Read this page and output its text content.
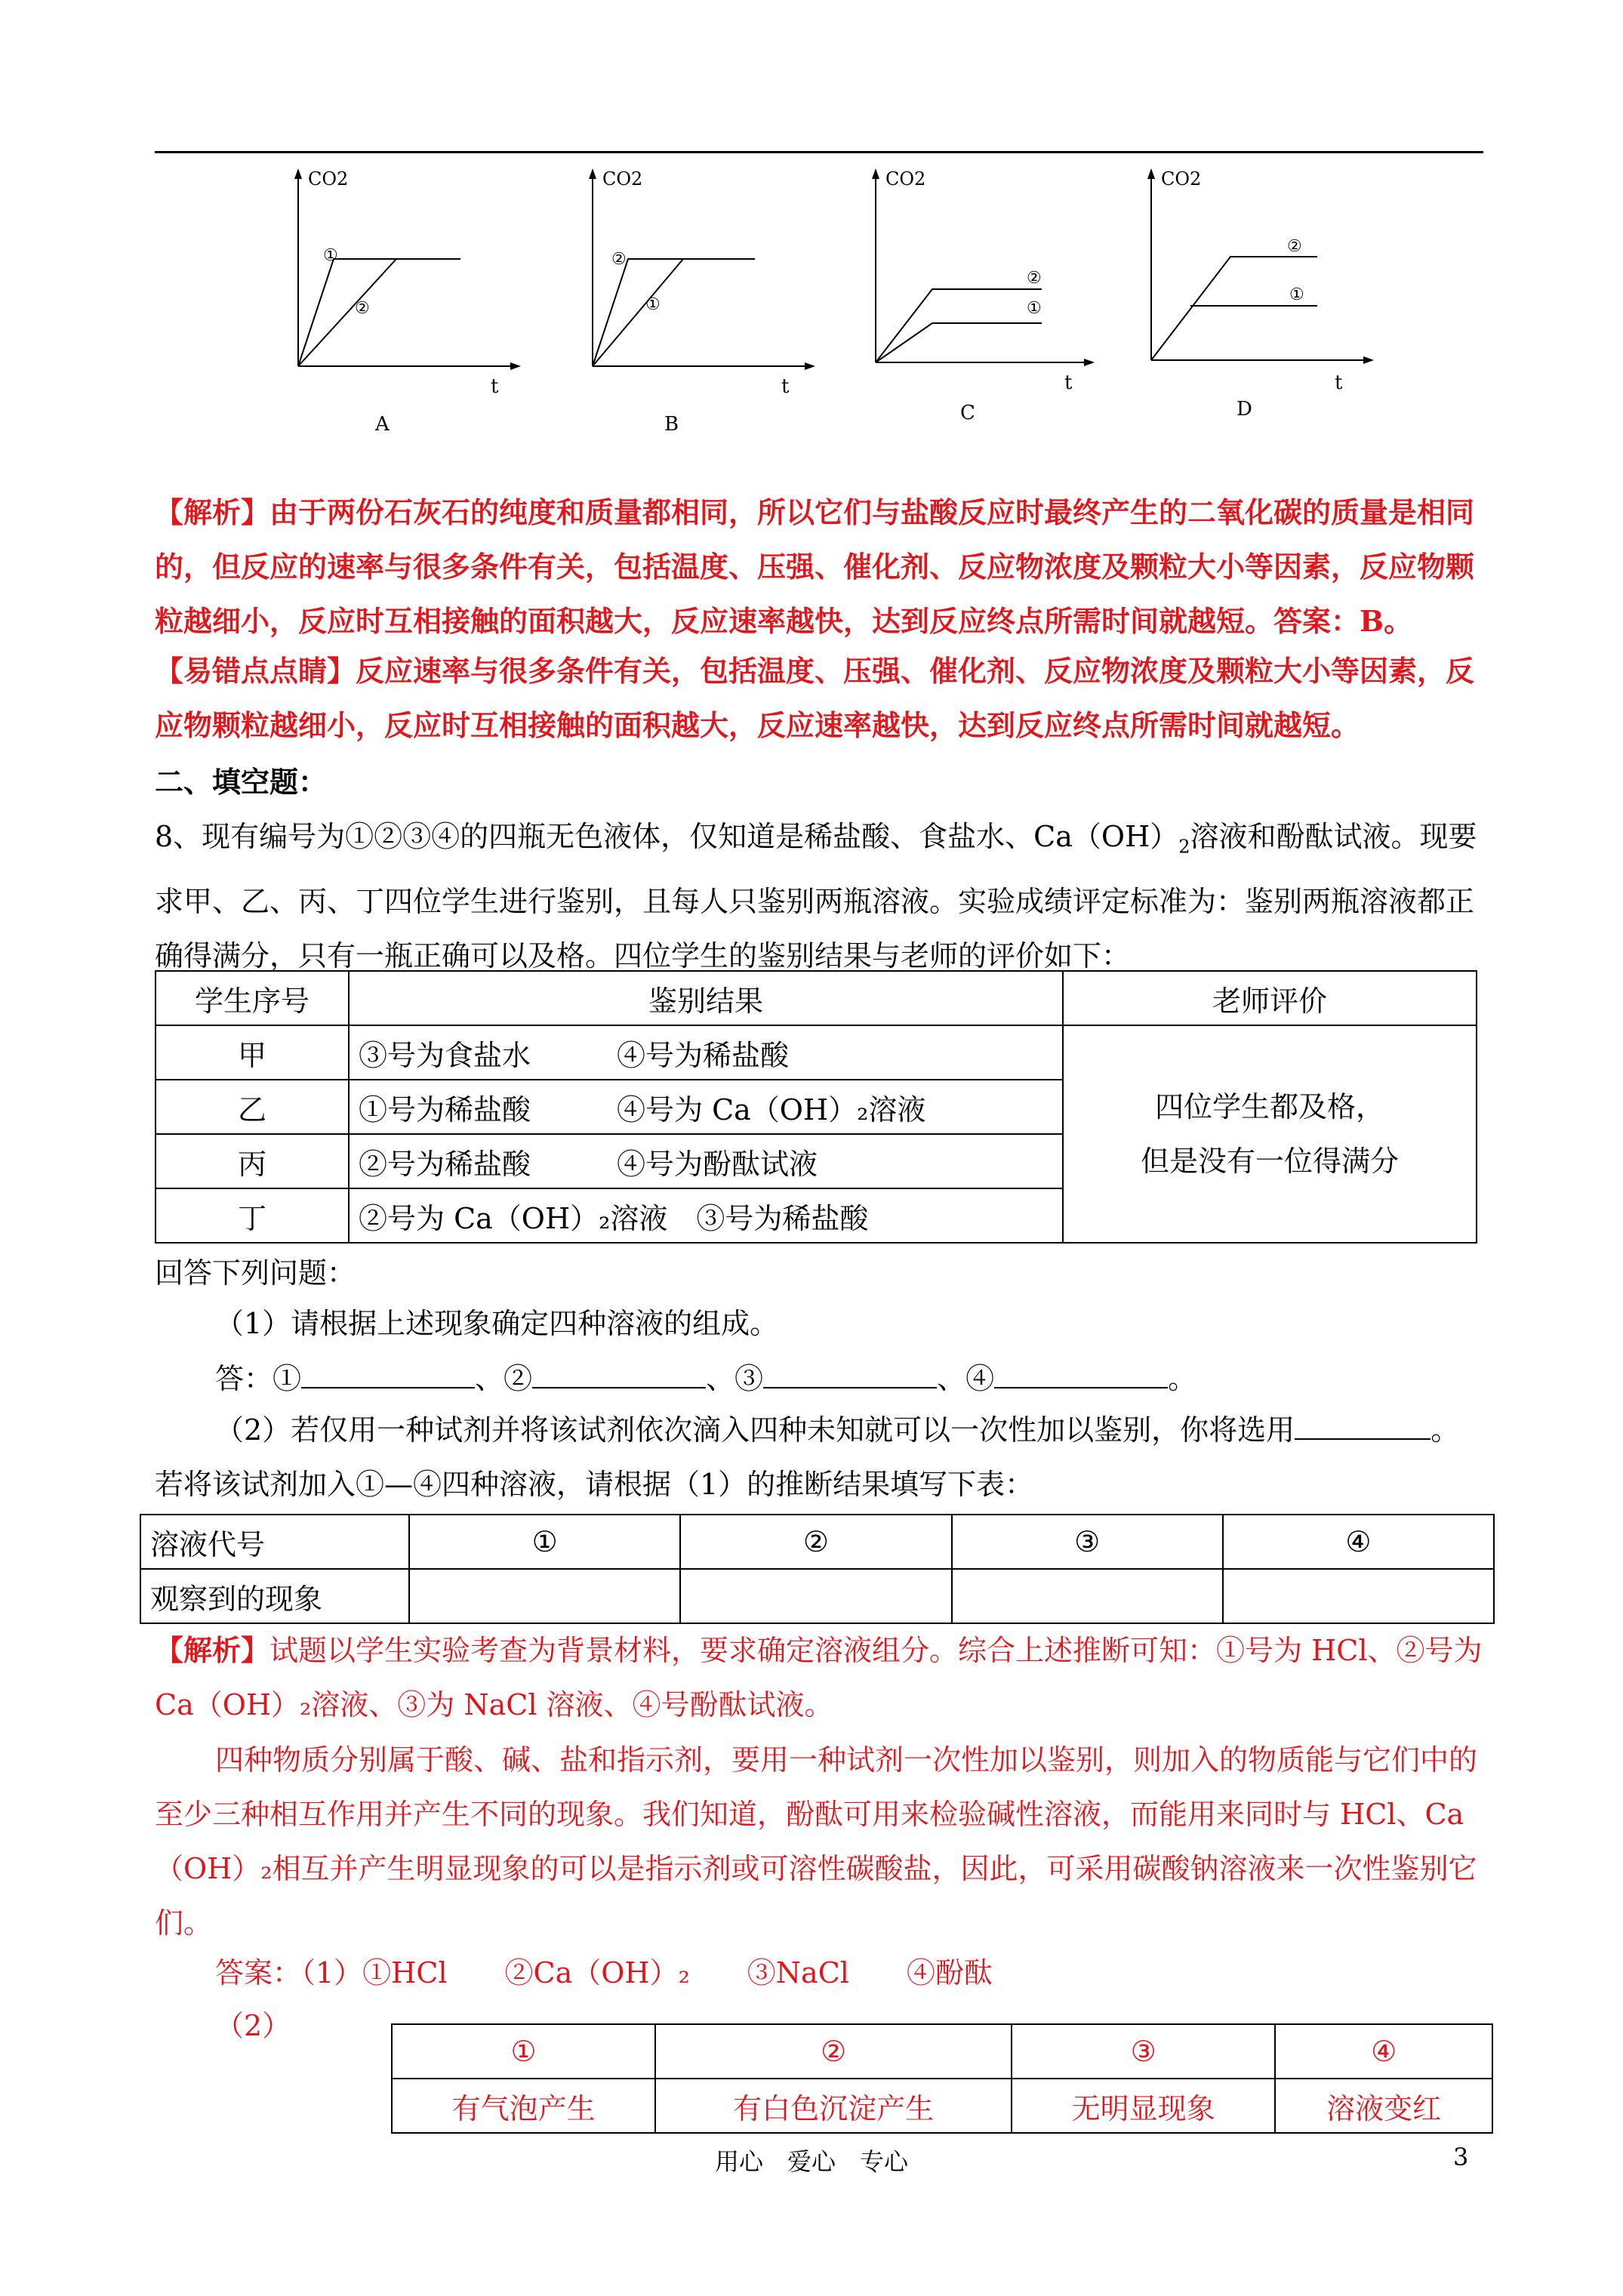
CO2
t
①
②
A
CO2
t
②
①
B
CO2
t
②
①
C
CO2
t
②
①
D
【解析】由于两份石灰石的纯度和质量都相同，所以它们与盐酸反应时最终产生的二氧化碳的质量是相同的，但反应的速率与很多条件有关，包括温度、压强、催化剂、反应物浓度及颗粒大小等因素，反应物颗粒越细小，反应时互相接触的面积越大，反应速率越快，达到反应终点所需时间就越短。答案：B。
【易错点点睛】反应速率与很多条件有关，包括温度、压强、催化剂、反应物浓度及颗粒大小等因素，反应物颗粒越细小，反应时互相接触的面积越大，反应速率越快，达到反应终点所需时间就越短。
二、填空题：
8、现有编号为①②③④的四瓶无色液体，仅知道是稀盐酸、食盐水、$Ca(OH)_2$溶液和酚酞试液。现要求甲、乙、丙、丁四位学生进行鉴别，且每人只鉴别两瓶溶液。实验成绩评定标准为：鉴别两瓶溶液都正确得满分，只有一瓶正确可以及格。四位学生的鉴别结果与老师的评价如下：
学生序号	鉴别结果	老师评价
甲	③号为食盐水　　　④号为稀盐酸	四位学生都及格，
但是没有一位得满分

乙	①号为稀盐酸　　　④号为 Ca（OH）₂溶液	
丙	②号为稀盐酸　　　④号为酚酞试液	
丁	②号为 Ca（OH）₂溶液　③号为稀盐酸	
回答下列问题：
（1）请根据上述现象确定四种溶液的组成。
答：①	、②	、③	、④	。
（2）若仅用一种试剂并将该试剂依次滴入四种未知就可以一次性加以鉴别，你将选用	。
若将该试剂加入①—④四种溶液，请根据（1）的推断结果填写下表：
溶液代号	①	②	③	④
观察到的现象				
【解析】试题以学生实验考查为背景材料，要求确定溶液组分。综合上述推断可知：①号为 HCl、②号为 Ca（OH）₂溶液、③为 NaCl 溶液、④号酚酞试液。
四种物质分别属于酸、碱、盐和指示剂，要用一种试剂一次性加以鉴别，则加入的物质能与它们中的至少三种相互作用并产生不同的现象。我们知道，酚酞可用来检验碱性溶液，而能用来同时与 HCl、Ca（OH）₂相互并产生明显现象的可以是指示剂或可溶性碳酸盐，因此，可采用碳酸钠溶液来一次性鉴别它们。
答案：（1）①HCl　　②Ca（OH）₂　　③NaCl　　④酚酞
（2）
①	②	③	④
有气泡产生	有白色沉淀产生	无明显现象	溶液变红
用心　爱心　专心	3
